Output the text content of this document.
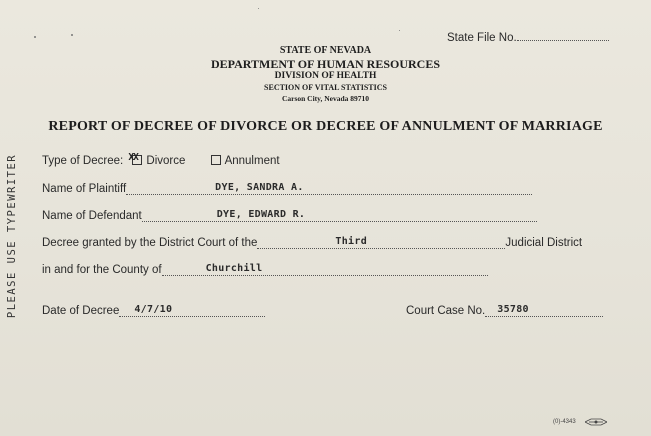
PLEASE USE TYPEWRITER
State File No.
STATE OF NEVADA
DEPARTMENT OF HUMAN RESOURCES
DIVISION OF HEALTH
SECTION OF VITAL STATISTICS
Carson City, Nevada 89710
REPORT OF DECREE OF DIVORCE OR DECREE OF ANNULMENT OF MARRIAGE
Type of Decree: XX Divorce	Annulment
Name of Plaintiff	DYE, SANDRA A.
Name of Defendant	DYE, EDWARD R.
Decree granted by the District Court of the	Third	Judicial District
in and for the County of	Churchill
Date of Decree 4/7/10	Court Case No. 35780
(0)-4343
